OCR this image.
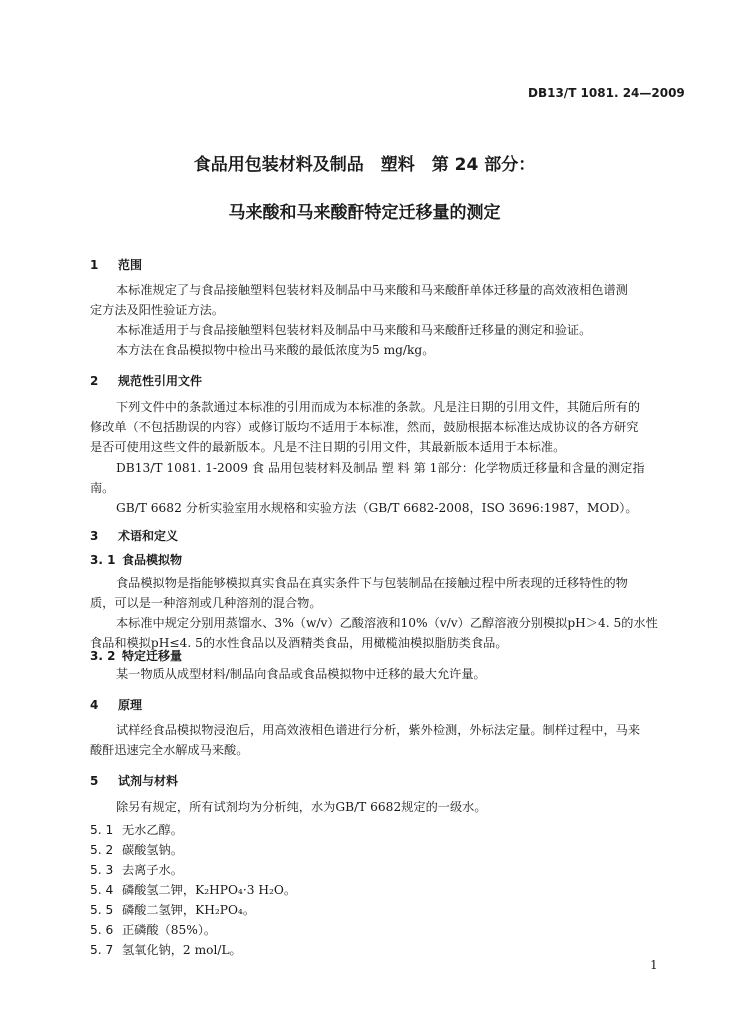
DB13/T 1081. 24—2009
食品用包装材料及制品　塑料　第 24 部分：
马来酸和马来酸酐特定迁移量的测定
1 范围
本标准规定了与食品接触塑料包装材料及制品中马来酸和马来酸酐单体迁移量的高效液相色谱测
定方法及阳性验证方法。
本标准适用于与食品接触塑料包装材料及制品中马来酸和马来酸酐迁移量的测定和验证。
本方法在食品模拟物中检出马来酸的最低浓度为5 mg/kg。
2 规范性引用文件
下列文件中的条款通过本标准的引用而成为本标准的条款。凡是注日期的引用文件，其随后所有的
修改单（不包括勘误的内容）或修订版均不适用于本标准，然而，鼓励根据本标准达成协议的各方研究
是否可使用这些文件的最新版本。凡是不注日期的引用文件，其最新版本适用于本标准。
DB13/T 1081. 1-2009 食 品用包装材料及制品 塑 料 第 1部分：化学物质迁移量和含量的测定指
南。
GB/T 6682 分析实验室用水规格和实验方法（GB/T 6682-2008，ISO 3696:1987，MOD）。
3 术语和定义
3. 1 食品模拟物
食品模拟物是指能够模拟真实食品在真实条件下与包装制品在接触过程中所表现的迁移特性的物
质，可以是一种溶剂或几种溶剂的混合物。
本标准中规定分别用蒸馏水、3%（w/v）乙酸溶液和10%（v/v）乙醇溶液分别模拟pH＞4. 5的水性
食品和模拟pH≤4. 5的水性食品以及酒精类食品，用橄榄油模拟脂肪类食品。
3. 2 特定迁移量
某一物质从成型材料/制品向食品或食品模拟物中迁移的最大允许量。
4 原理
试样经食品模拟物浸泡后，用高效液相色谱进行分析，紫外检测，外标法定量。制样过程中，马来
酸酐迅速完全水解成马来酸。
5 试剂与材料
除另有规定，所有试剂均为分析纯，水为GB/T 6682规定的一级水。
5. 1 无水乙醇。
5. 2 碳酸氢钠。
5. 3 去离子水。
5. 4 磷酸氢二钾，K₂HPO₄·3 H₂O。
5. 5 磷酸二氢钾，KH₂PO₄。
5. 6 正磷酸（85%）。
5. 7 氢氧化钠，2 mol/L。
1
